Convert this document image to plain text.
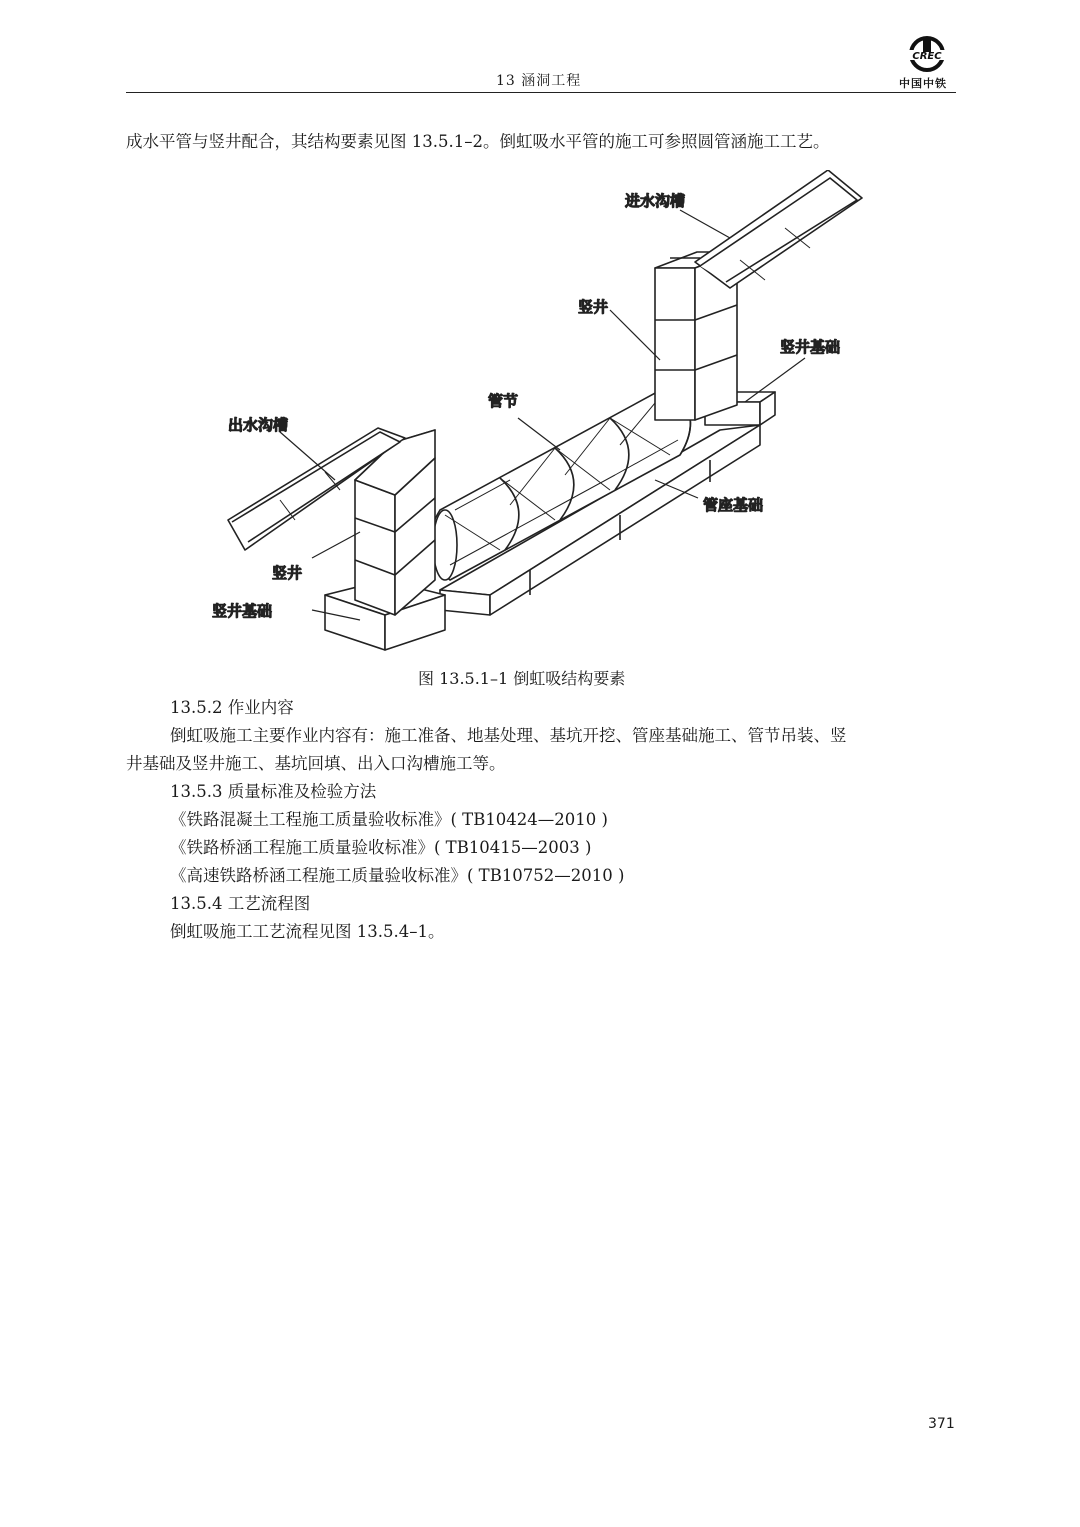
13 涵洞工程
CREC
中国中铁
成水平管与竖井配合，其结构要素见图 13.5.1–2。倒虹吸水平管的施工可参照圆管涵施工工艺。
进水沟槽
竖井
竖井基础
管节
出水沟槽
管座基础
竖井
竖井基础
图 13.5.1–1 倒虹吸结构要素
13.5.2 作业内容
倒虹吸施工主要作业内容有：施工准备、地基处理、基坑开挖、管座基础施工、管节吊装、竖
井基础及竖井施工、基坑回填、出入口沟槽施工等。
13.5.3 质量标准及检验方法
《铁路混凝土工程施工质量验收标准》( TB10424—2010 )
《铁路桥涵工程施工质量验收标准》( TB10415—2003 )
《高速铁路桥涵工程施工质量验收标准》( TB10752—2010 )
13.5.4 工艺流程图
倒虹吸施工工艺流程见图 13.5.4–1。
371
